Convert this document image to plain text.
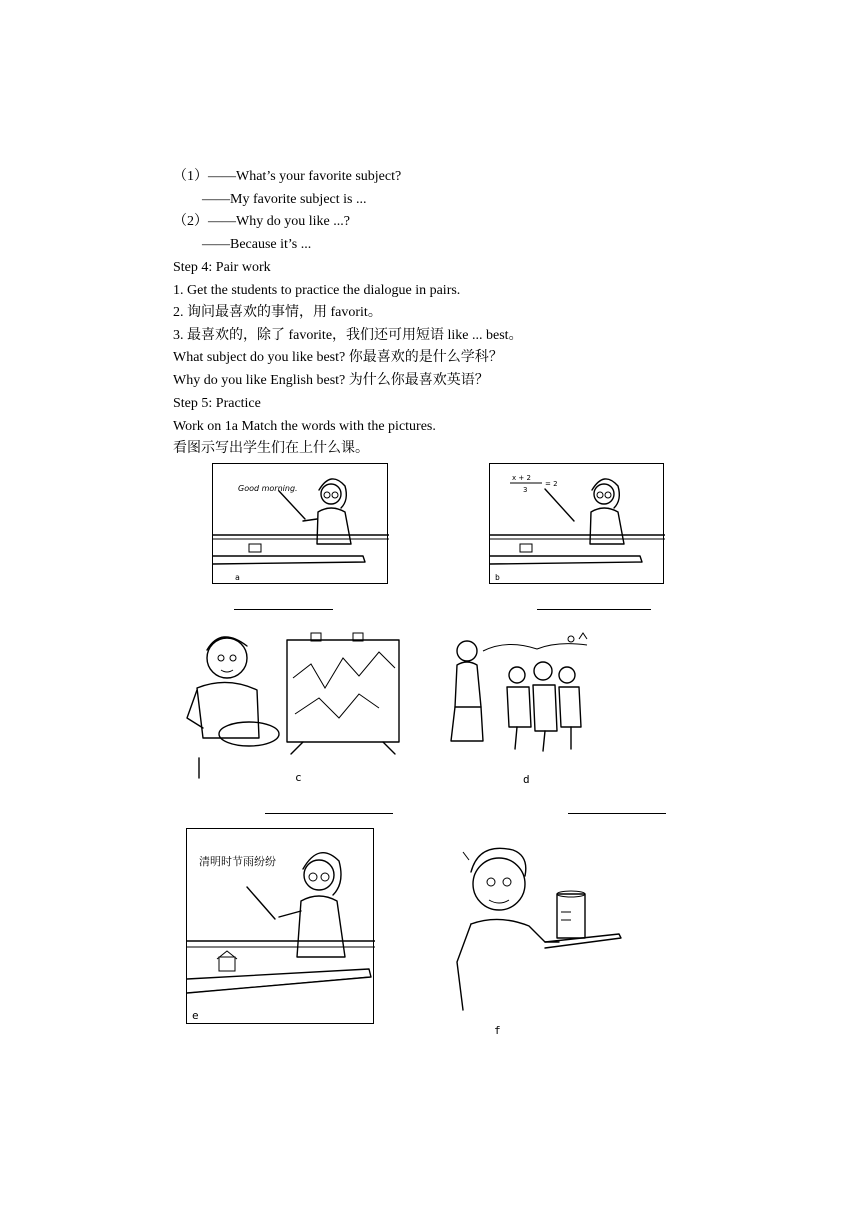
（1）——What’s your favorite subject?
——My favorite subject is ...
（2）——Why do you like ...?
——Because it’s ...
Step 4: Pair work
1. Get the students to practice the dialogue in pairs.
2. 询问最喜欢的事情，用 favorit。
3. 最喜欢的，除了 favorite，我们还可用短语 like ... best。
What subject do you like best? 你最喜欢的是什么学科？
Why do you like English best? 为什么你最喜欢英语？
Step 5: Practice
Work on 1a Match the words with the pictures.
看图示写出学生们在上什么课。
Good morning.
a
x + 2
3
= 2
b
c	d
清明时节雨纷纷
e
f
